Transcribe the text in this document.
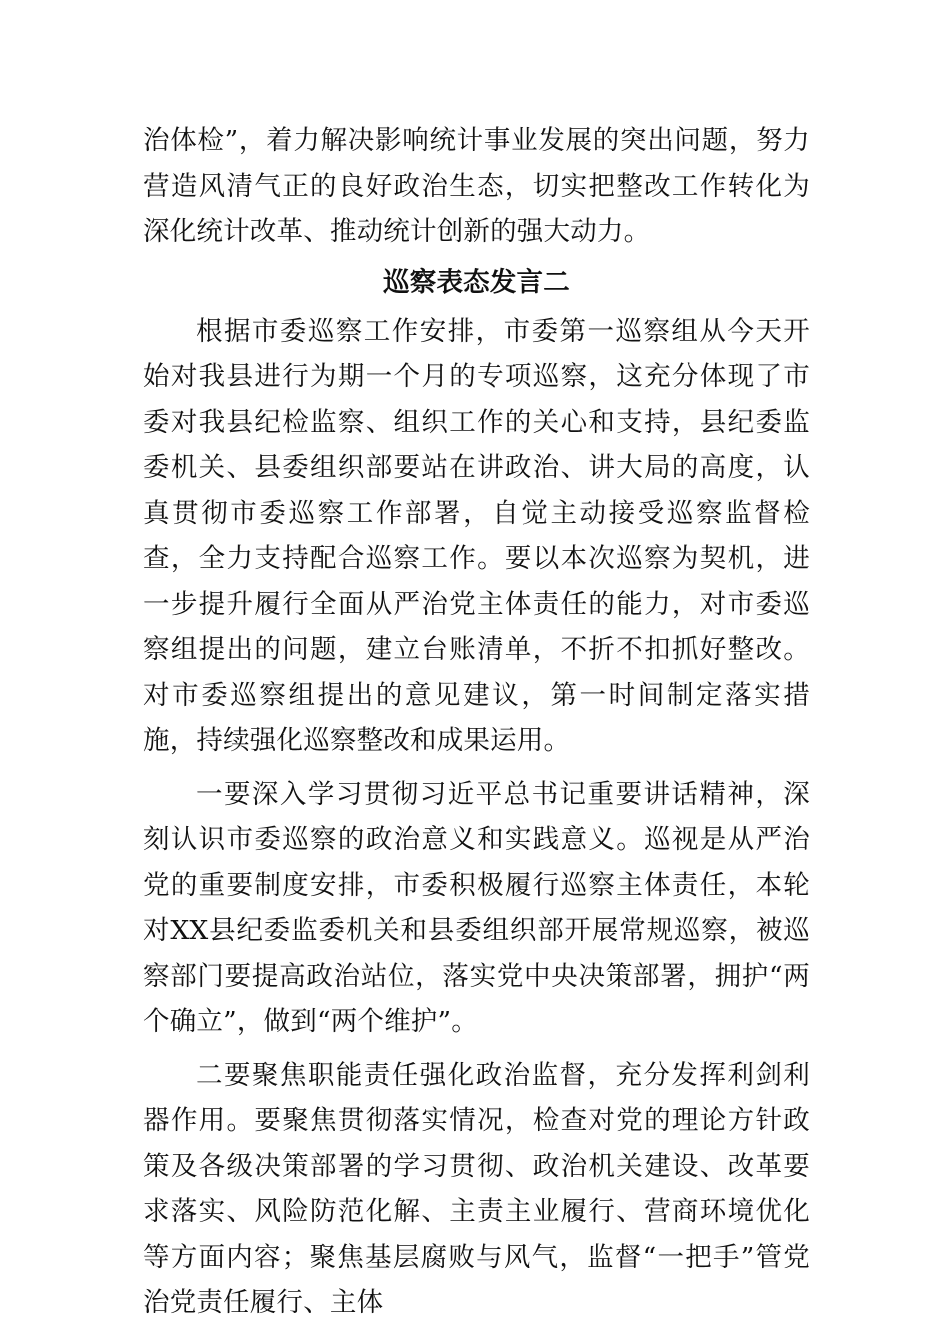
治体检”，着力解决影响统计事业发展的突出问题，努力营造风清气正的良好政治生态，切实把整改工作转化为深化统计改革、推动统计创新的强大动力。

巡察表态发言二

根据市委巡察工作安排，市委第一巡察组从今天开始对我县进行为期一个月的专项巡察，这充分体现了市委对我县纪检监察、组织工作的关心和支持，县纪委监委机关、县委组织部要站在讲政治、讲大局的高度，认真贯彻市委巡察工作部署，自觉主动接受巡察监督检查，全力支持配合巡察工作。要以本次巡察为契机，进一步提升履行全面从严治党主体责任的能力，对市委巡察组提出的问题，建立台账清单，不折不扣抓好整改。对市委巡察组提出的意见建议，第一时间制定落实措施，持续强化巡察整改和成果运用。

一要深入学习贯彻习近平总书记重要讲话精神，深刻认识市委巡察的政治意义和实践意义。巡视是从严治党的重要制度安排，市委积极履行巡察主体责任，本轮对XX县纪委监委机关和县委组织部开展常规巡察，被巡察部门要提高政治站位，落实党中央决策部署，拥护“两个确立”，做到“两个维护”。

二要聚焦职能责任强化政治监督，充分发挥利剑利器作用。要聚焦贯彻落实情况，检查对党的理论方针政策及各级决策部署的学习贯彻、政治机关建设、改革要求落实、风险防范化解、主责主业履行、营商环境优化等方面内容；聚焦基层腐败与风气，监督“一把手”管党治党责任履行、主体
